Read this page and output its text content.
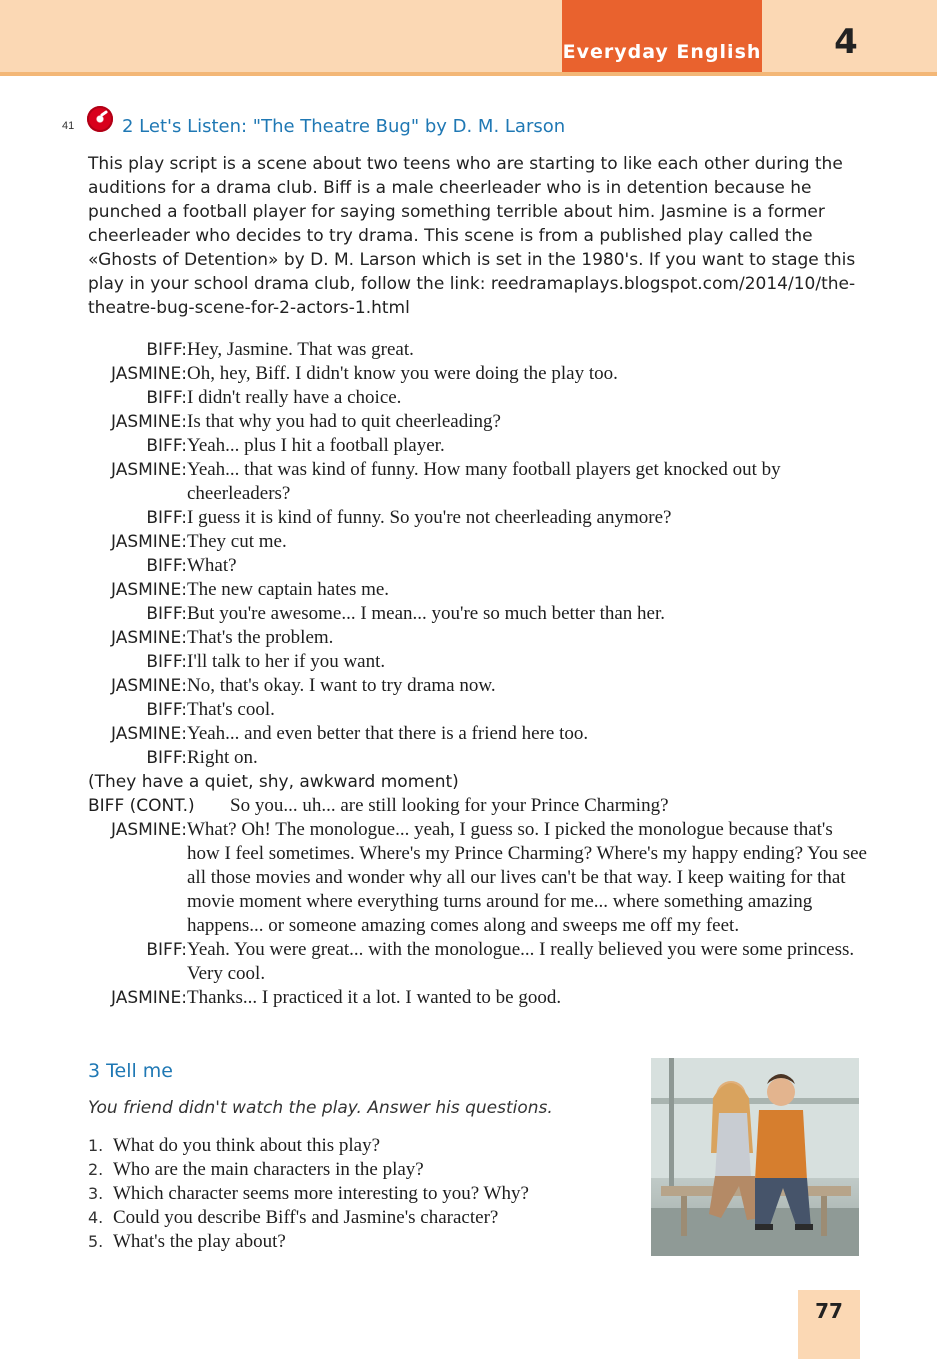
Everyday English 4
41	2 Let's Listen: "The Theatre Bug" by D. M. Larson

This play script is a scene about two teens who are starting to like each other during the auditions for a drama club. Biff is a male cheerleader who is in detention because he punched a football player for saying something terrible about him. Jasmine is a former cheerleader who decides to try drama. This scene is from a published play called the «Ghosts of Detention» by D. M. Larson which is set in the 1980's. If you want to stage this play in your school drama club, follow the link: reedramaplays.blogspot.com/2014/10/the-theatre-bug-scene-for-2-actors-1.html

BIFF: Hey, Jasmine. That was great.
JASMINE: Oh, hey, Biff. I didn't know you were doing the play too.
BIFF: I didn't really have a choice.
JASMINE: Is that why you had to quit cheerleading?
BIFF: Yeah... plus I hit a football player.
JASMINE: Yeah... that was kind of funny. How many football players get knocked out by cheerleaders?
BIFF: I guess it is kind of funny. So you're not cheerleading anymore?
JASMINE: They cut me.
BIFF: What?
JASMINE: The new captain hates me.
BIFF: But you're awesome... I mean... you're so much better than her.
JASMINE: That's the problem.
BIFF: I'll talk to her if you want.
JASMINE: No, that's okay. I want to try drama now.
BIFF: That's cool.
JASMINE: Yeah... and even better that there is a friend here too.
BIFF: Right on.
(They have a quiet, shy, awkward moment)
BIFF (CONT.) So you... uh... are still looking for your Prince Charming?
JASMINE: What? Oh! The monologue... yeah, I guess so. I picked the monologue because that's how I feel sometimes. Where's my Prince Charming? Where's my happy ending? You see all those movies and wonder why all our lives can't be that way. I keep waiting for that movie moment where everything turns around for me... where something amazing happens... or someone amazing comes along and sweeps me off my feet.
BIFF: Yeah. You were great... with the monologue... I really believed you were some princess. Very cool.
JASMINE: Thanks... I practiced it a lot. I wanted to be good.
3 Tell me
You friend didn't watch the play. Answer his questions.
1. What do you think about this play?
2. Who are the main characters in the play?
3. Which character seems more interesting to you? Why?
4. Could you describe Biff's and Jasmine's character?
5. What's the play about?
77
